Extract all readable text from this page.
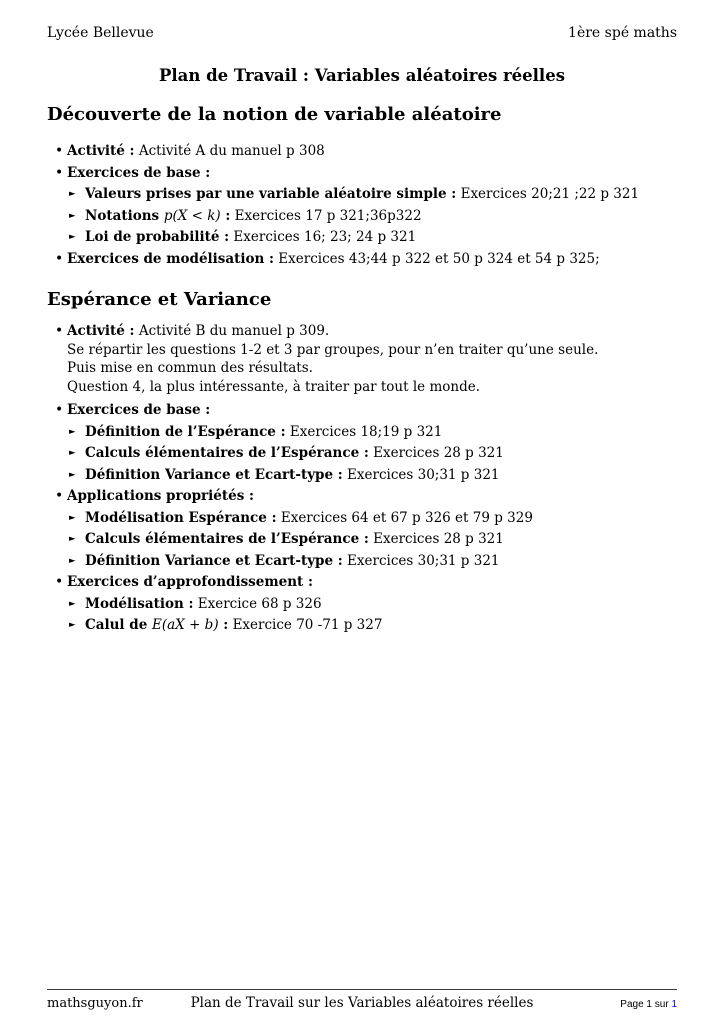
Lycée Bellevue	1ère spé maths
Plan de Travail : Variables aléatoires réelles
Découverte de la notion de variable aléatoire
• Activité : Activité A du manuel p 308
• Exercices de base :
► Valeurs prises par une variable aléatoire simple : Exercices 20;21 ;22 p 321
► Notations p(X < k) : Exercices 17 p 321;36p322
► Loi de probabilité : Exercices 16; 23; 24 p 321
• Exercices de modélisation : Exercices 43;44 p 322 et 50 p 324 et 54 p 325;
Espérance et Variance
• Activité : Activité B du manuel p 309.
Se répartir les questions 1-2 et 3 par groupes, pour n’en traiter qu’une seule.
Puis mise en commun des résultats.
Question 4, la plus intéressante, à traiter par tout le monde.
• Exercices de base :
► Définition de l’Espérance : Exercices 18;19 p 321
► Calculs élémentaires de l’Espérance : Exercices 28 p 321
► Définition Variance et Ecart-type : Exercices 30;31 p 321
• Applications propriétés :
► Modélisation Espérance : Exercices 64 et 67 p 326 et 79 p 329
► Calculs élémentaires de l’Espérance : Exercices 28 p 321
► Définition Variance et Ecart-type : Exercices 30;31 p 321
• Exercices d’approfondissement :
► Modélisation : Exercice 68 p 326
► Calul de E(aX + b) : Exercice 70 -71 p 327
mathsguyon.fr	Plan de Travail sur les Variables aléatoires réelles	Page 1 sur 1
